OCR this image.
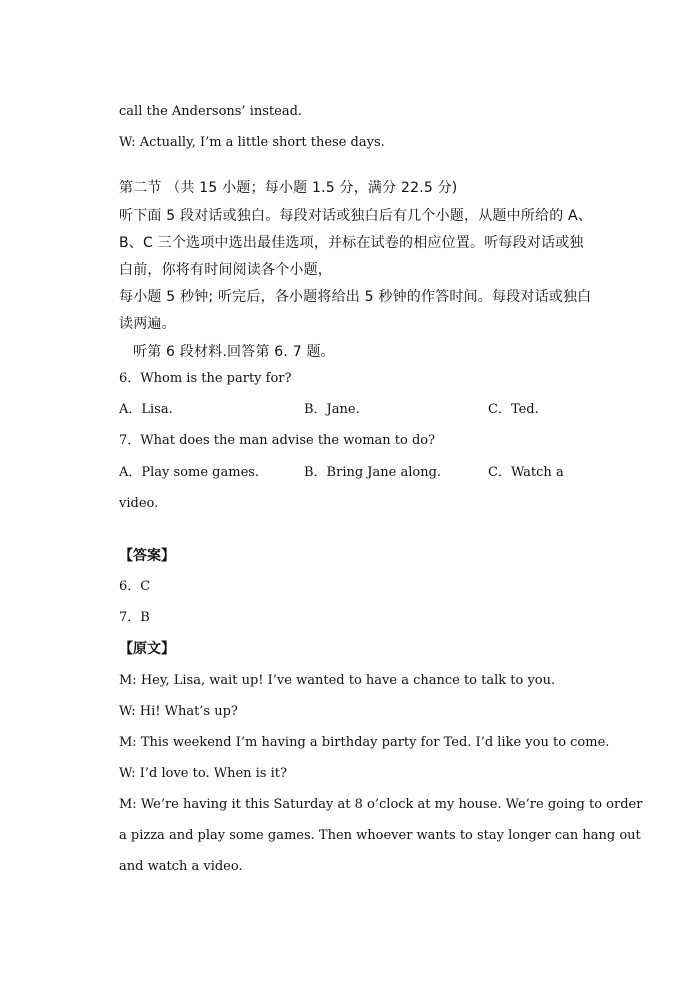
call the Andersons’ instead.
W: Actually, I’m a little short these days.
第二节 （共 15 小题；每小题 1.5 分，满分 22.5 分)
听下面 5 段对话或独白。每段对话或独白后有几个小题，从题中所给的 A、
B、C 三个选项中选出最佳选项，并标在试卷的相应位置。听每段对话或独
白前，你将有时间阅读各个小题，
每小题 5 秒钟; 听完后，各小题将给出 5 秒钟的作答时间。每段对话或独白
读两遍。
听第 6 段材料.回答第 6. 7 题。
6．Whom is the party for?
A．Lisa.	B．Jane.	C．Ted.
7．What does the man advise the woman to do?
A．Play some games.	B．Bring Jane along.	C．Watch a
video.
【答案】
6．C
7．B
【原文】
M: Hey, Lisa, wait up! I’ve wanted to have a chance to talk to you.
W: Hi! What’s up?
M: This weekend I’m having a birthday party for Ted. I’d like you to come.
W: I’d love to. When is it?
M: We’re having it this Saturday at 8 o’clock at my house. We’re going to order
a pizza and play some games. Then whoever wants to stay longer can hang out
and watch a video.
